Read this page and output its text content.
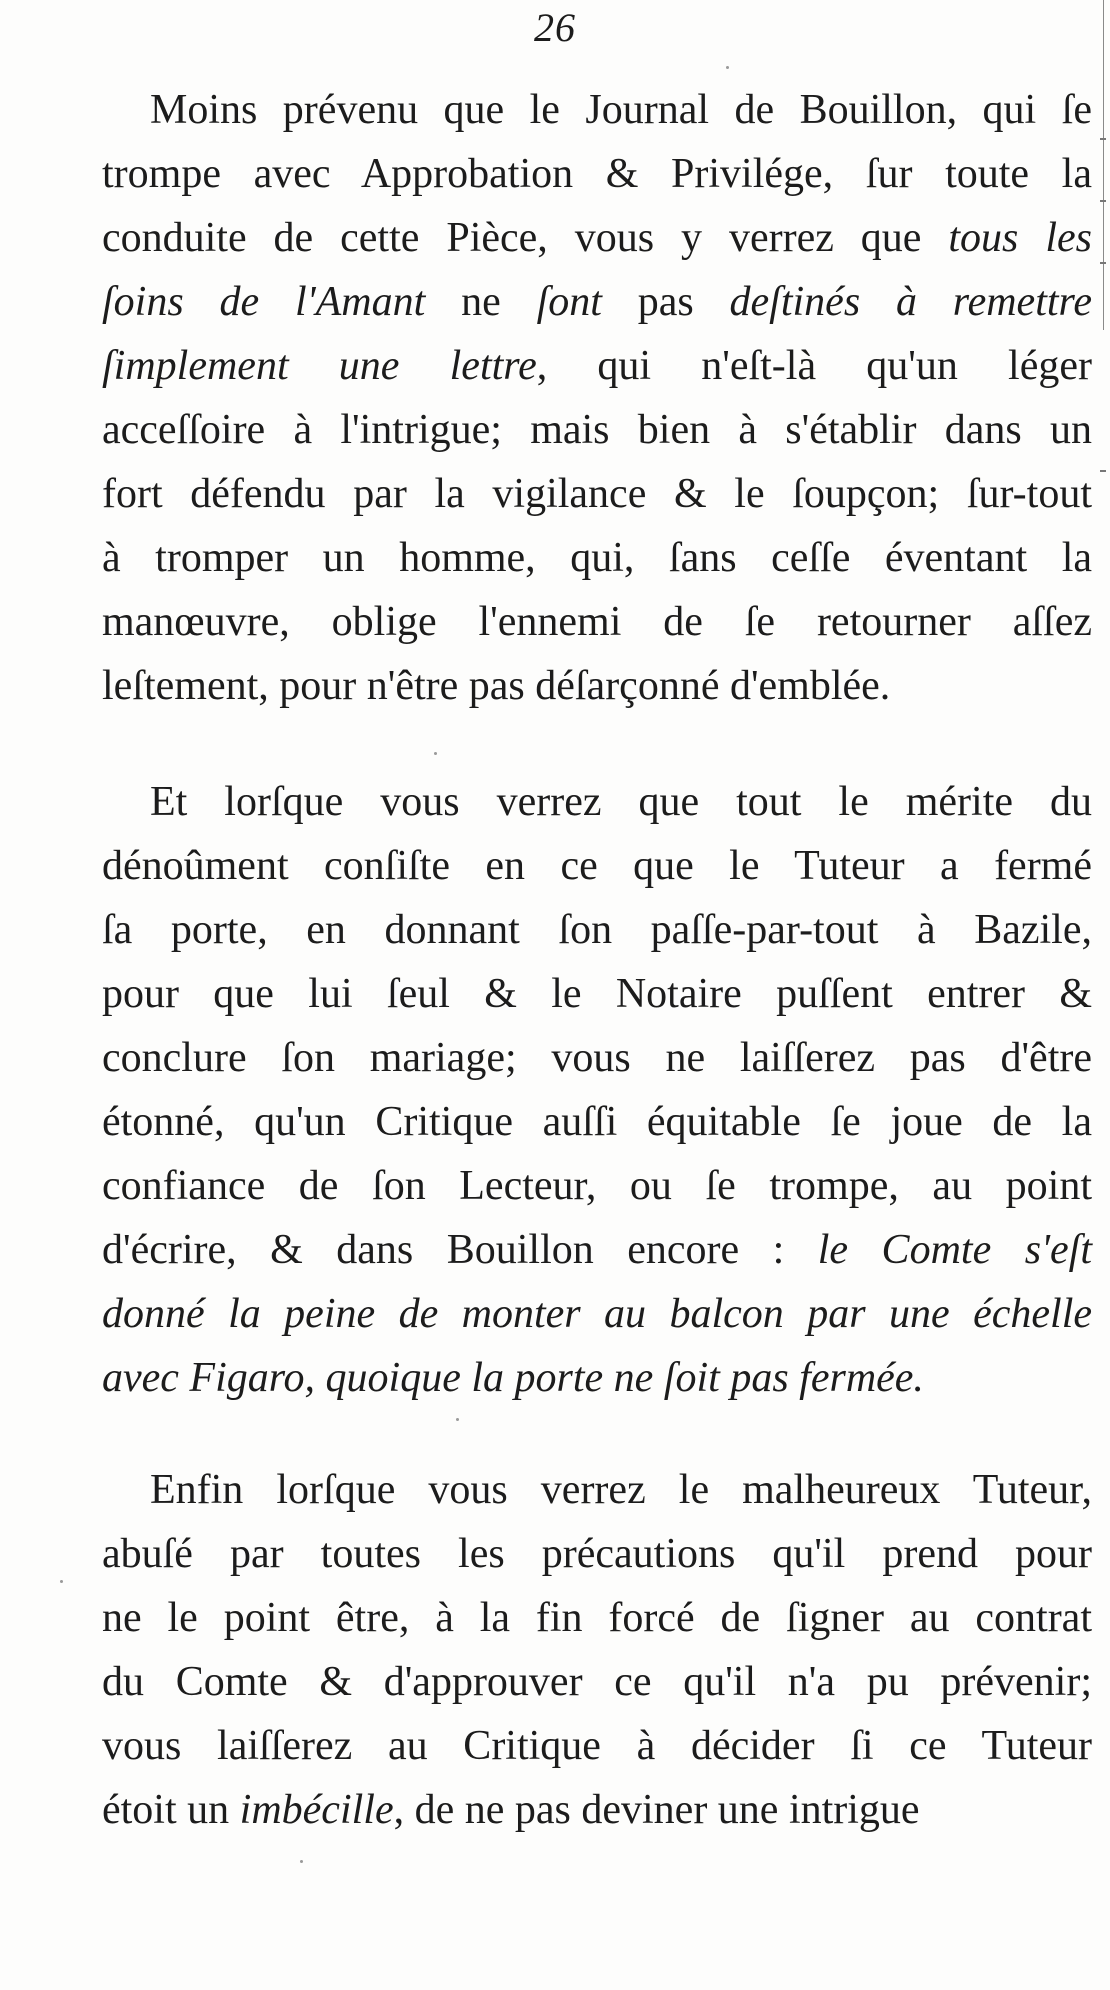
26
Moins prévenu que le Journal de Bouillon, qui ſe
trompe avec Approbation & Privilége, ſur toute la
conduite de cette Pièce, vous y verrez que tous les
ſoins de l'Amant ne ſont pas deſtinés à remettre
ſimplement une lettre, qui n'eſt-là qu'un léger
acceſſoire à l'intrigue; mais bien à s'établir dans un
fort défendu par la vigilance & le ſoupçon; ſur-tout
à tromper un homme, qui, ſans ceſſe éventant la
manœuvre, oblige l'ennemi de ſe retourner aſſez
leſtement, pour n'être pas déſarçonné d'emblée.
Et lorſque vous verrez que tout le mérite du
dénoûment conſiſte en ce que le Tuteur a fermé
ſa porte, en donnant ſon paſſe-par-tout à Bazile,
pour que lui ſeul & le Notaire puſſent entrer &
conclure ſon mariage; vous ne laiſſerez pas d'être
étonné, qu'un Critique auſſi équitable ſe joue de la
confiance de ſon Lecteur, ou ſe trompe, au point
d'écrire, & dans Bouillon encore : le Comte s'eſt
donné la peine de monter au balcon par une échelle
avec Figaro, quoique la porte ne ſoit pas fermée.
Enfin lorſque vous verrez le malheureux Tuteur,
abuſé par toutes les précautions qu'il prend pour
ne le point être, à la fin forcé de ſigner au contrat
du Comte & d'approuver ce qu'il n'a pu prévenir;
vous laiſſerez au Critique à décider ſi ce Tuteur
étoit un imbécille, de ne pas deviner une intrigue
